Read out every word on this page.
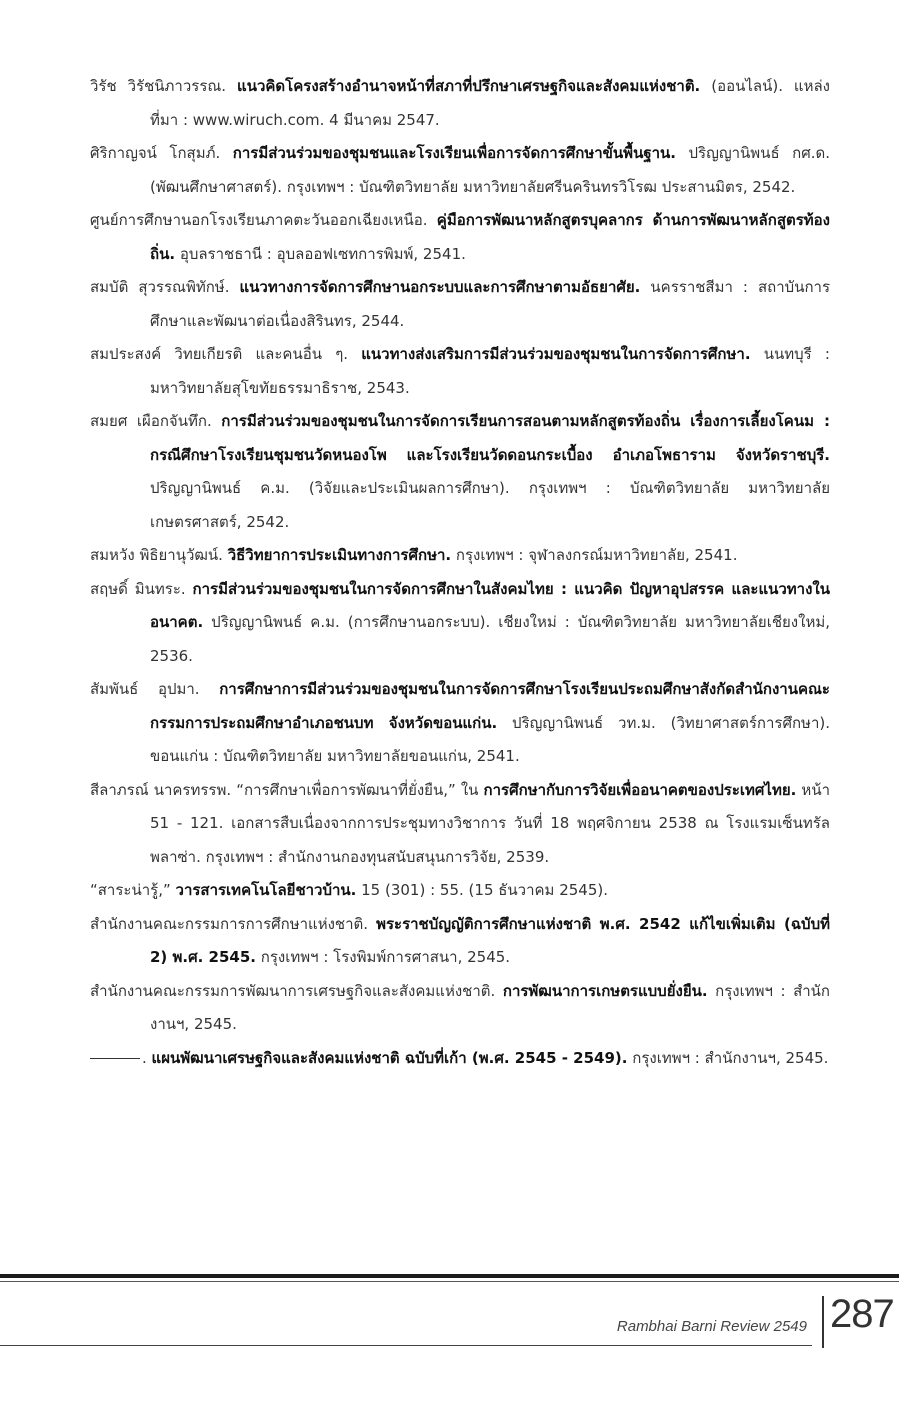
วิรัช วิรัชนิภาวรรณ. แนวคิดโครงสร้างอำนาจหน้าที่สภาที่ปรึกษาเศรษฐกิจและสังคมแห่งชาติ. (ออนไลน์). แหล่งที่มา : www.wiruch.com. 4 มีนาคม 2547.

ศิริกาญจน์ โกสุมภ์. การมีส่วนร่วมของชุมชนและโรงเรียนเพื่อการจัดการศึกษาขั้นพื้นฐาน. ปริญญานิพนธ์ กศ.ด. (พัฒนศึกษาศาสตร์). กรุงเทพฯ : บัณฑิตวิทยาลัย มหาวิทยาลัยศรีนครินทรวิโรฒ ประสานมิตร, 2542.

ศูนย์การศึกษานอกโรงเรียนภาคตะวันออกเฉียงเหนือ. คู่มือการพัฒนาหลักสูตรบุคลากร ด้านการพัฒนาหลักสูตรท้องถิ่น. อุบลราชธานี : อุบลออฟเซทการพิมพ์, 2541.

สมบัติ สุวรรณพิทักษ์. แนวทางการจัดการศึกษานอกระบบและการศึกษาตามอัธยาศัย. นครราชสีมา : สถาบันการศึกษาและพัฒนาต่อเนื่องสิรินทร, 2544.

สมประสงค์ วิทยเกียรติ และคนอื่น ๆ. แนวทางส่งเสริมการมีส่วนร่วมของชุมชนในการจัดการศึกษา. นนทบุรี : มหาวิทยาลัยสุโขทัยธรรมาธิราช, 2543.

สมยศ เผือกจันทึก. การมีส่วนร่วมของชุมชนในการจัดการเรียนการสอนตามหลักสูตรท้องถิ่น เรื่องการเลี้ยงโคนม : กรณีศึกษาโรงเรียนชุมชนวัดหนองโพ และโรงเรียนวัดดอนกระเบื้อง อำเภอโพธาราม จังหวัดราชบุรี. ปริญญานิพนธ์ ค.ม. (วิจัยและประเมินผลการศึกษา). กรุงเทพฯ : บัณฑิตวิทยาลัย มหาวิทยาลัยเกษตรศาสตร์, 2542.

สมหวัง พิธิยานุวัฒน์. วิธีวิทยาการประเมินทางการศึกษา. กรุงเทพฯ : จุฬาลงกรณ์มหาวิทยาลัย, 2541.

สฤษดิ์ มินทระ. การมีส่วนร่วมของชุมชนในการจัดการศึกษาในสังคมไทย : แนวคิด ปัญหาอุปสรรค และแนวทางในอนาคต. ปริญญานิพนธ์ ค.ม. (การศึกษานอกระบบ). เชียงใหม่ : บัณฑิตวิทยาลัย มหาวิทยาลัยเชียงใหม่, 2536.

สัมพันธ์ อุปมา. การศึกษาการมีส่วนร่วมของชุมชนในการจัดการศึกษาโรงเรียนประถมศึกษาสังกัดสำนักงานคณะกรรมการประถมศึกษาอำเภอชนบท จังหวัดขอนแก่น. ปริญญานิพนธ์ วท.ม. (วิทยาศาสตร์การศึกษา). ขอนแก่น : บัณฑิตวิทยาลัย มหาวิทยาลัยขอนแก่น, 2541.

สีลาภรณ์ นาครทรรพ. “การศึกษาเพื่อการพัฒนาที่ยั่งยืน,” ใน การศึกษากับการวิจัยเพื่ออนาคตของประเทศไทย. หน้า 51 - 121. เอกสารสืบเนื่องจากการประชุมทางวิชาการ วันที่ 18 พฤศจิกายน 2538 ณ โรงแรมเซ็นทรัลพลาซ่า. กรุงเทพฯ : สำนักงานกองทุนสนับสนุนการวิจัย, 2539.

“สาระน่ารู้,” วารสารเทคโนโลยีชาวบ้าน. 15 (301) : 55. (15 ธันวาคม 2545).

สำนักงานคณะกรรมการการศึกษาแห่งชาติ. พระราชบัญญัติการศึกษาแห่งชาติ พ.ศ. 2542 แก้ไขเพิ่มเติม (ฉบับที่ 2) พ.ศ. 2545. กรุงเทพฯ : โรงพิมพ์การศาสนา, 2545.

สำนักงานคณะกรรมการพัฒนาการเศรษฐกิจและสังคมแห่งชาติ. การพัฒนาการเกษตรแบบยั่งยืน. กรุงเทพฯ : สำนักงานฯ, 2545.

. แผนพัฒนาเศรษฐกิจและสังคมแห่งชาติ ฉบับที่เก้า (พ.ศ. 2545 - 2549). กรุงเทพฯ : สำนักงานฯ, 2545.

Rambhai Barni Review 2549 287
